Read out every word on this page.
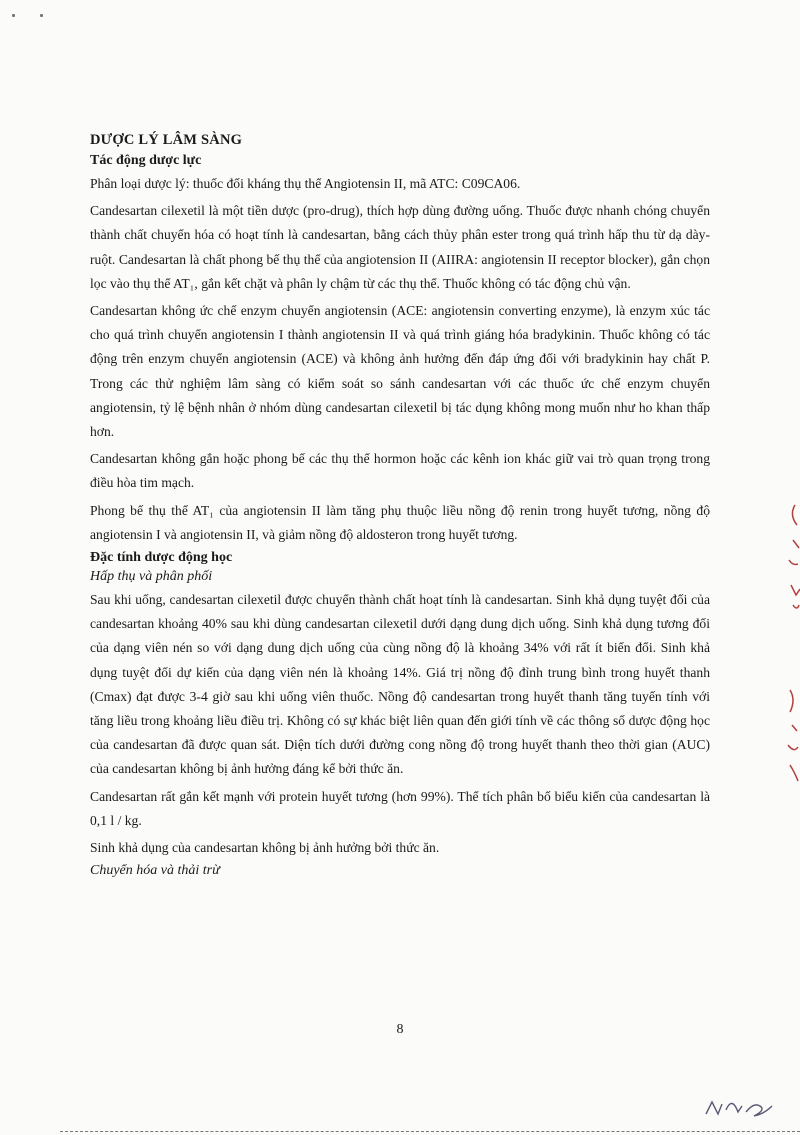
DƯỢC LÝ LÂM SÀNG
Tác động dược lực

Phân loại dược lý: thuốc đối kháng thụ thể Angiotensin II, mã ATC: C09CA06.

Candesartan cilexetil là một tiền dược (pro-drug), thích hợp dùng đường uống. Thuốc được nhanh chóng chuyển thành chất chuyển hóa có hoạt tính là candesartan, bằng cách thủy phân ester trong quá trình hấp thu từ dạ dày-ruột. Candesartan là chất phong bế thụ thể của angiotension II (AIIRA: angiotensin II receptor blocker), gắn chọn lọc vào thụ thể AT₁, gắn kết chặt và phân ly chậm từ các thụ thể. Thuốc không có tác động chủ vận.

Candesartan không ức chế enzym chuyển angiotensin (ACE: angiotensin converting enzyme), là enzym xúc tác cho quá trình chuyển angiotensin I thành angiotensin II và quá trình giáng hóa bradykinin. Thuốc không có tác động trên enzym chuyển angiotensin (ACE) và không ảnh hưởng đến đáp ứng đối với bradykinin hay chất P. Trong các thử nghiệm lâm sàng có kiểm soát so sánh candesartan với các thuốc ức chế enzym chuyển angiotensin, tỷ lệ bệnh nhân ở nhóm dùng candesartan cilexetil bị tác dụng không mong muốn như ho khan thấp hơn.

Candesartan không gắn hoặc phong bế các thụ thể hormon hoặc các kênh ion khác giữ vai trò quan trọng trong điều hòa tim mạch.

Phong bế thụ thể AT₁ của angiotensin II làm tăng phụ thuộc liều nồng độ renin trong huyết tương, nồng độ angiotensin I và angiotensin II, và giảm nồng độ aldosteron trong huyết tương.

Đặc tính dược động học
Hấp thụ và phân phối

Sau khi uống, candesartan cilexetil được chuyển thành chất hoạt tính là candesartan. Sinh khả dụng tuyệt đối của candesartan khoảng 40% sau khi dùng candesartan cilexetil dưới dạng dung dịch uống. Sinh khả dụng tương đối của dạng viên nén so với dạng dung dịch uống của cùng nồng độ là khoảng 34% với rất ít biến đổi. Sinh khả dụng tuyệt đối dự kiến của dạng viên nén là khoảng 14%. Giá trị nồng độ đỉnh trung bình trong huyết thanh (Cmax) đạt được 3-4 giờ sau khi uống viên thuốc. Nồng độ candesartan trong huyết thanh tăng tuyến tính với tăng liều trong khoảng liều điều trị. Không có sự khác biệt liên quan đến giới tính về các thông số dược động học của candesartan đã được quan sát. Diện tích dưới đường cong nồng độ trong huyết thanh theo thời gian (AUC) của candesartan không bị ảnh hưởng đáng kể bởi thức ăn.

Candesartan rất gắn kết mạnh với protein huyết tương (hơn 99%). Thể tích phân bố biểu kiến của candesartan là 0,1 l / kg.

Sinh khả dụng của candesartan không bị ảnh hưởng bởi thức ăn.

Chuyển hóa và thải trừ
8
